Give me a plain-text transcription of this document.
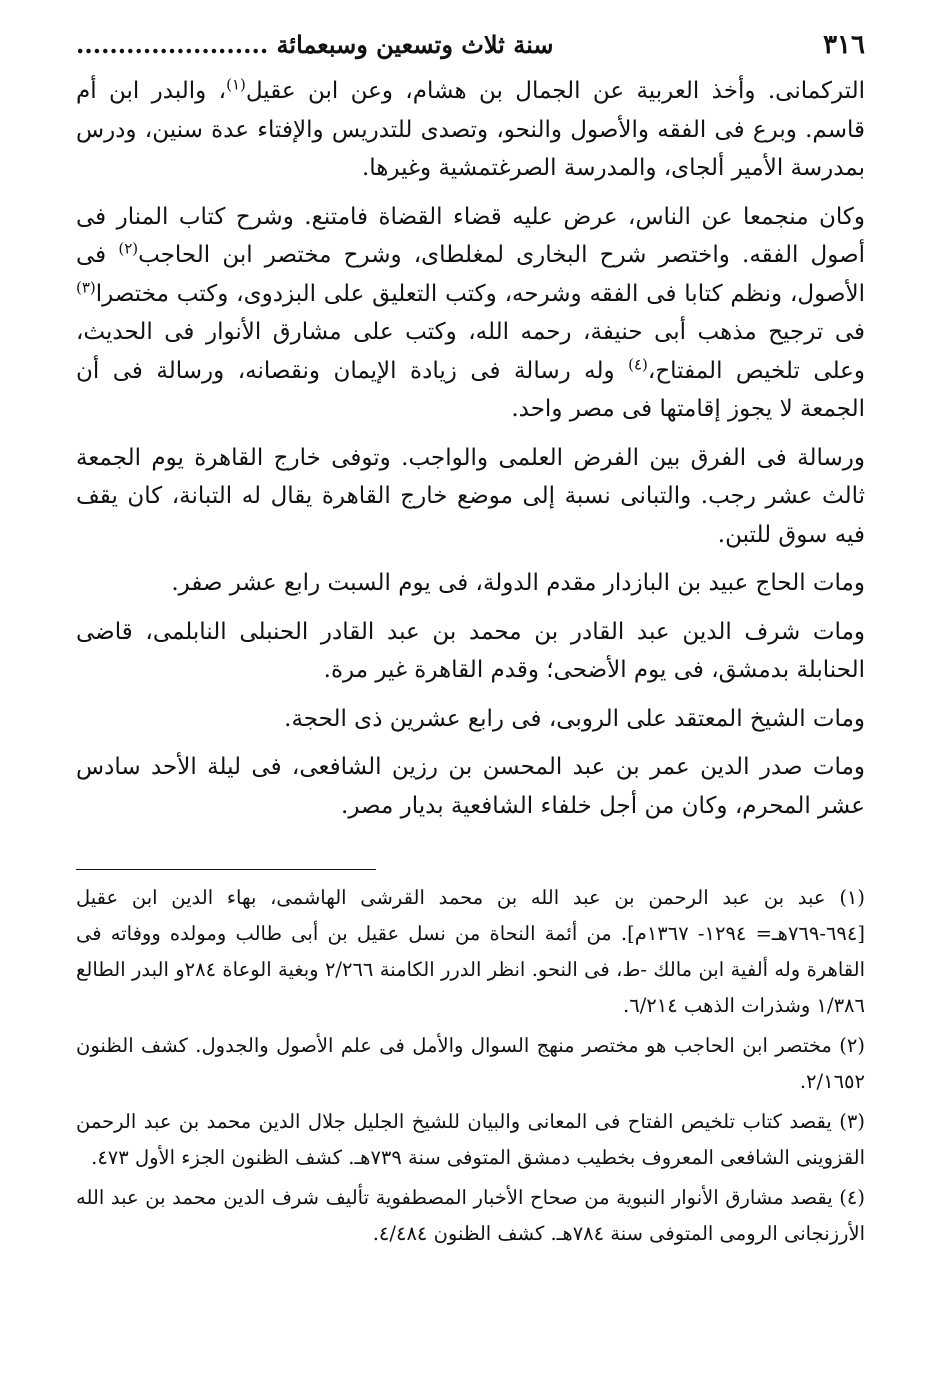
٣١٦
سنة ثلاث وتسعين وسبعمائة .......................

التركمانى. وأخذ العربية عن الجمال بن هشام، وعن ابن عقيل$^{(١)}$، والبدر ابن أم قاسم. وبرع فى الفقه والأصول والنحو، وتصدى للتدريس والإفتاء عدة سنين، ودرس بمدرسة الأمير ألجاى، والمدرسة الصرغتمشية وغيرها.

وكان منجمعا عن الناس، عرض عليه قضاء القضاة فامتنع. وشرح كتاب المنار فى أصول الفقه. واختصر شرح البخارى لمغلطاى، وشرح مختصر ابن الحاجب$^{(٢)}$ فى الأصول، ونظم كتابا فى الفقه وشرحه، وكتب التعليق على البزدوى، وكتب مختصرا$^{(٣)}$ فى ترجيح مذهب أبى حنيفة، رحمه الله، وكتب على مشارق الأنوار فى الحديث، وعلى تلخيص المفتاح،$^{(٤)}$ وله رسالة فى زيادة الإيمان ونقصانه، ورسالة فى أن الجمعة لا يجوز إقامتها فى مصر واحد.

ورسالة فى الفرق بين الفرض العلمى والواجب. وتوفى خارج القاهرة يوم الجمعة ثالث عشر رجب. والتبانى نسبة إلى موضع خارج القاهرة يقال له التبانة، كان يقف فيه سوق للتبن.

ومات الحاج عبيد بن البازدار مقدم الدولة، فى يوم السبت رابع عشر صفر.

ومات شرف الدين عبد القادر بن محمد بن عبد القادر الحنبلى النابلمى، قاضى الحنابلة بدمشق، فى يوم الأضحى؛ وقدم القاهرة غير مرة.

ومات الشيخ المعتقد على الروبى، فى رابع عشرين ذى الحجة.

ومات صدر الدين عمر بن عبد المحسن بن رزين الشافعى، فى ليلة الأحد سادس عشر المحرم، وكان من أجل خلفاء الشافعية بديار مصر.

(١) عبد بن عبد الرحمن بن عبد الله بن محمد القرشى الهاشمى، بهاء الدين ابن عقيل [٦٩٤-٧٦٩هـ= ١٢٩٤- ١٣٦٧م]. من أئمة النحاة من نسل عقيل بن أبى طالب ومولده ووفاته فى القاهرة وله ألفية ابن مالك -ط، فى النحو. انظر الدرر الكامنة ٢/٢٦٦ وبغية الوعاة ٢٨٤و البدر الطالع ١/٣٨٦ وشذرات الذهب ٦/٢١٤.

(٢) مختصر ابن الحاجب هو مختصر منهج السوال والأمل فى علم الأصول والجدول. كشف الظنون ٢/١٦٥٢.

(٣) يقصد كتاب تلخيص الفتاح فى المعانى والبيان للشيخ الجليل جلال الدين محمد بن عبد الرحمن القزوينى الشافعى المعروف بخطيب دمشق المتوفى سنة ٧٣٩هـ. كشف الظنون الجزء الأول ٤٧٣.

(٤) يقصد مشارق الأنوار النبوية من صحاح الأخبار المصطفوية تأليف شرف الدين محمد بن عبد الله الأرزنجانى الرومى المتوفى سنة ٧٨٤هـ. كشف الظنون ٤/٤٨٤.
